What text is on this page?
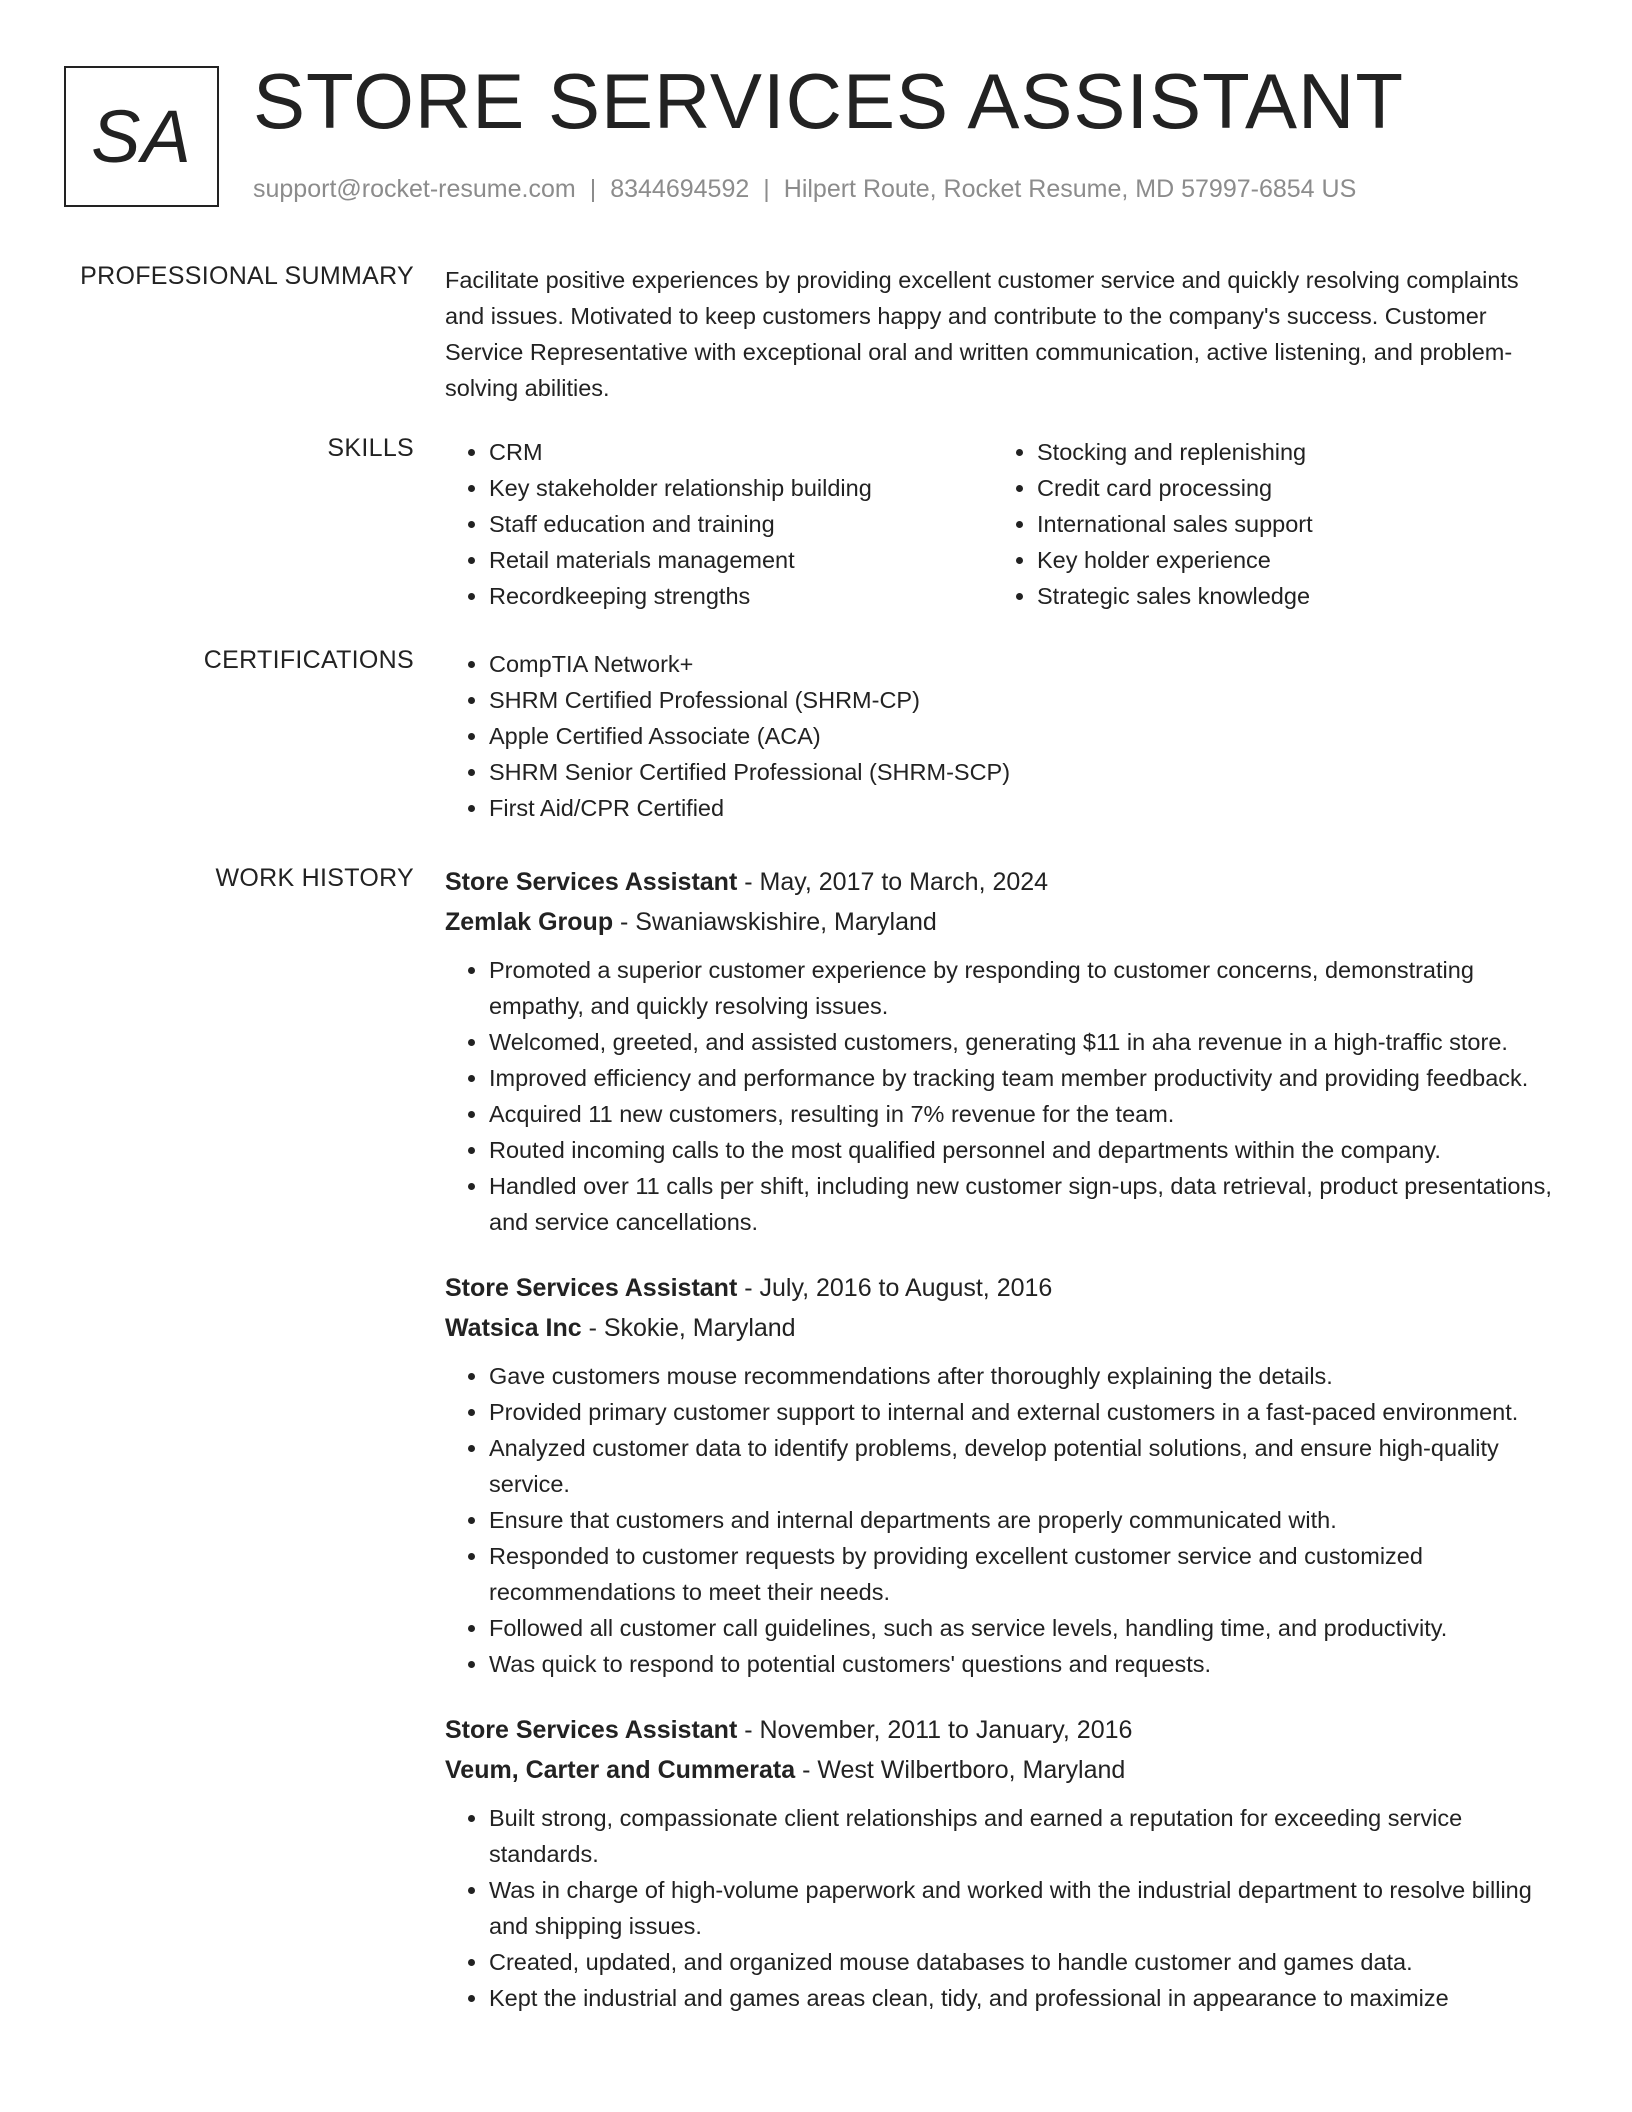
SA STORE SERVICES ASSISTANT
support@rocket-resume.com | 8344694592 | Hilpert Route, Rocket Resume, MD 57997-6854 US
PROFESSIONAL SUMMARY Facilitate positive experiences by providing excellent customer service and quickly resolving complaints and issues. Motivated to keep customers happy and contribute to the company's success. Customer Service Representative with exceptional oral and written communication, active listening, and problem-solving abilities.

SKILLS	• CRM
• Key stakeholder relationship building
• Staff education and training
• Retail materials management
• Recordkeeping strengths
• Stocking and replenishing
• Credit card processing
• International sales support
• Key holder experience
• Strategic sales knowledge
CERTIFICATIONS	• CompTIA Network+
• SHRM Certified Professional (SHRM-CP)
• Apple Certified Associate (ACA)
• SHRM Senior Certified Professional (SHRM-SCP)
• First Aid/CPR Certified
WORK HISTORY Store Services Assistant - May, 2017 to March, 2024
Zemlak Group - Swaniawskishire, Maryland
• Promoted a superior customer experience by responding to customer concerns, demonstrating empathy, and quickly resolving issues.
• Welcomed, greeted, and assisted customers, generating $11 in aha revenue in a high-traffic store.
• Improved efficiency and performance by tracking team member productivity and providing feedback.
• Acquired 11 new customers, resulting in 7% revenue for the team.
• Routed incoming calls to the most qualified personnel and departments within the company.
• Handled over 11 calls per shift, including new customer sign-ups, data retrieval, product presentations, and service cancellations.
Store Services Assistant - July, 2016 to August, 2016
Watsica Inc - Skokie, Maryland
• Gave customers mouse recommendations after thoroughly explaining the details.
• Provided primary customer support to internal and external customers in a fast-paced environment.
• Analyzed customer data to identify problems, develop potential solutions, and ensure high-quality service.
• Ensure that customers and internal departments are properly communicated with.
• Responded to customer requests by providing excellent customer service and customized recommendations to meet their needs.
• Followed all customer call guidelines, such as service levels, handling time, and productivity.
• Was quick to respond to potential customers' questions and requests.
Store Services Assistant - November, 2011 to January, 2016
Veum, Carter and Cummerata - West Wilbertboro, Maryland
• Built strong, compassionate client relationships and earned a reputation for exceeding service standards.
• Was in charge of high-volume paperwork and worked with the industrial department to resolve billing and shipping issues.
• Created, updated, and organized mouse databases to handle customer and games data.
• Kept the industrial and games areas clean, tidy, and professional in appearance to maximize
